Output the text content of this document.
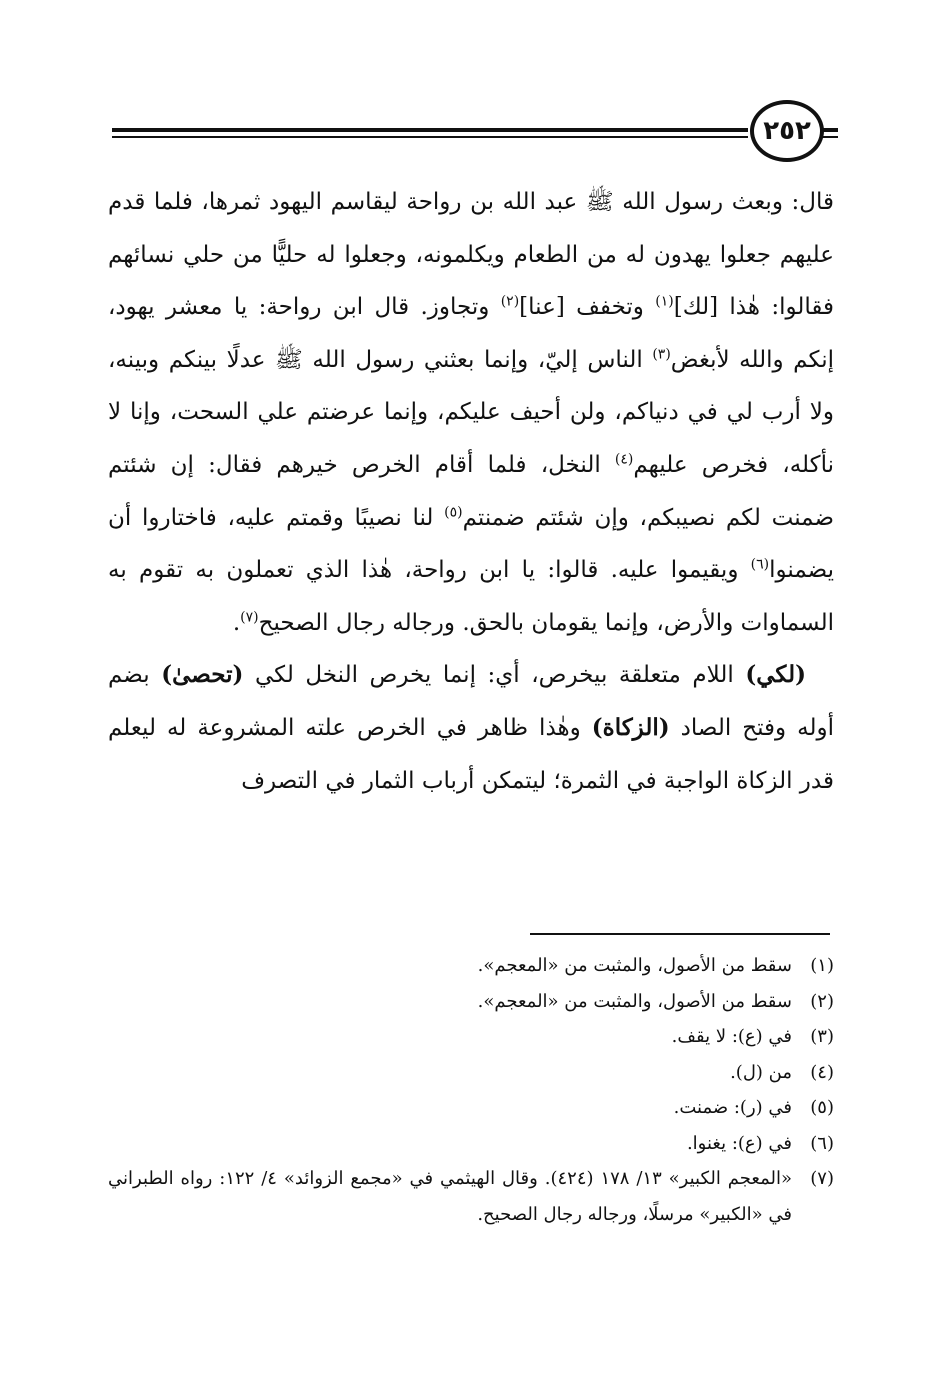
٢٥٢

قال: وبعث رسول الله ﷺ عبد الله بن رواحة ليقاسم اليهود ثمرها، فلما قدم عليهم جعلوا يهدون له من الطعام ويكلمونه، وجعلوا له حليًّا من حلي نسائهم فقالوا: هٰذا [لك]$^{(١)}$ وتخفف [عنا]$^{(٢)}$ وتجاوز. قال ابن رواحة: يا معشر يهود، إنكم والله لأبغض$^{(٣)}$ الناس إليّ، وإنما بعثني رسول الله ﷺ عدلًا بينكم وبينه، ولا أرب لي في دنياكم، ولن أحيف عليكم، وإنما عرضتم علي السحت، وإنا لا نأكله، فخرص عليهم$^{(٤)}$ النخل، فلما أقام الخرص خيرهم فقال: إن شئتم ضمنت لكم نصيبكم، وإن شئتم ضمنتم$^{(٥)}$ لنا نصيبًا وقمتم عليه، فاختاروا أن يضمنوا$^{(٦)}$ ويقيموا عليه. قالوا: يا ابن رواحة، هٰذا الذي تعملون به تقوم به السماوات والأرض، وإنما يقومان بالحق. ورجاله رجال الصحيح$^{(٧)}$.

(لكي) اللام متعلقة بيخرص، أي: إنما يخرص النخل لكي (تحصىٰ) بضم أوله وفتح الصاد (الزكاة) وهٰذا ظاهر في الخرص علته المشروعة له ليعلم قدر الزكاة الواجبة في الثمرة؛ ليتمكن أرباب الثمار في التصرف

(١)
سقط من الأصول، والمثبت من «المعجم».
(٢)
سقط من الأصول، والمثبت من «المعجم».
(٣)
في (ع): لا يقف.
(٤)
من (ل).
(٥)
في (ر): ضمنت.
(٦)
في (ع): يغنوا.
(٧)
«المعجم الكبير» ١٣/ ١٧٨ (٤٢٤). وقال الهيثمي في «مجمع الزوائد» ٤/ ١٢٢: رواه الطبراني في «الكبير» مرسلًا، ورجاله رجال الصحيح.
